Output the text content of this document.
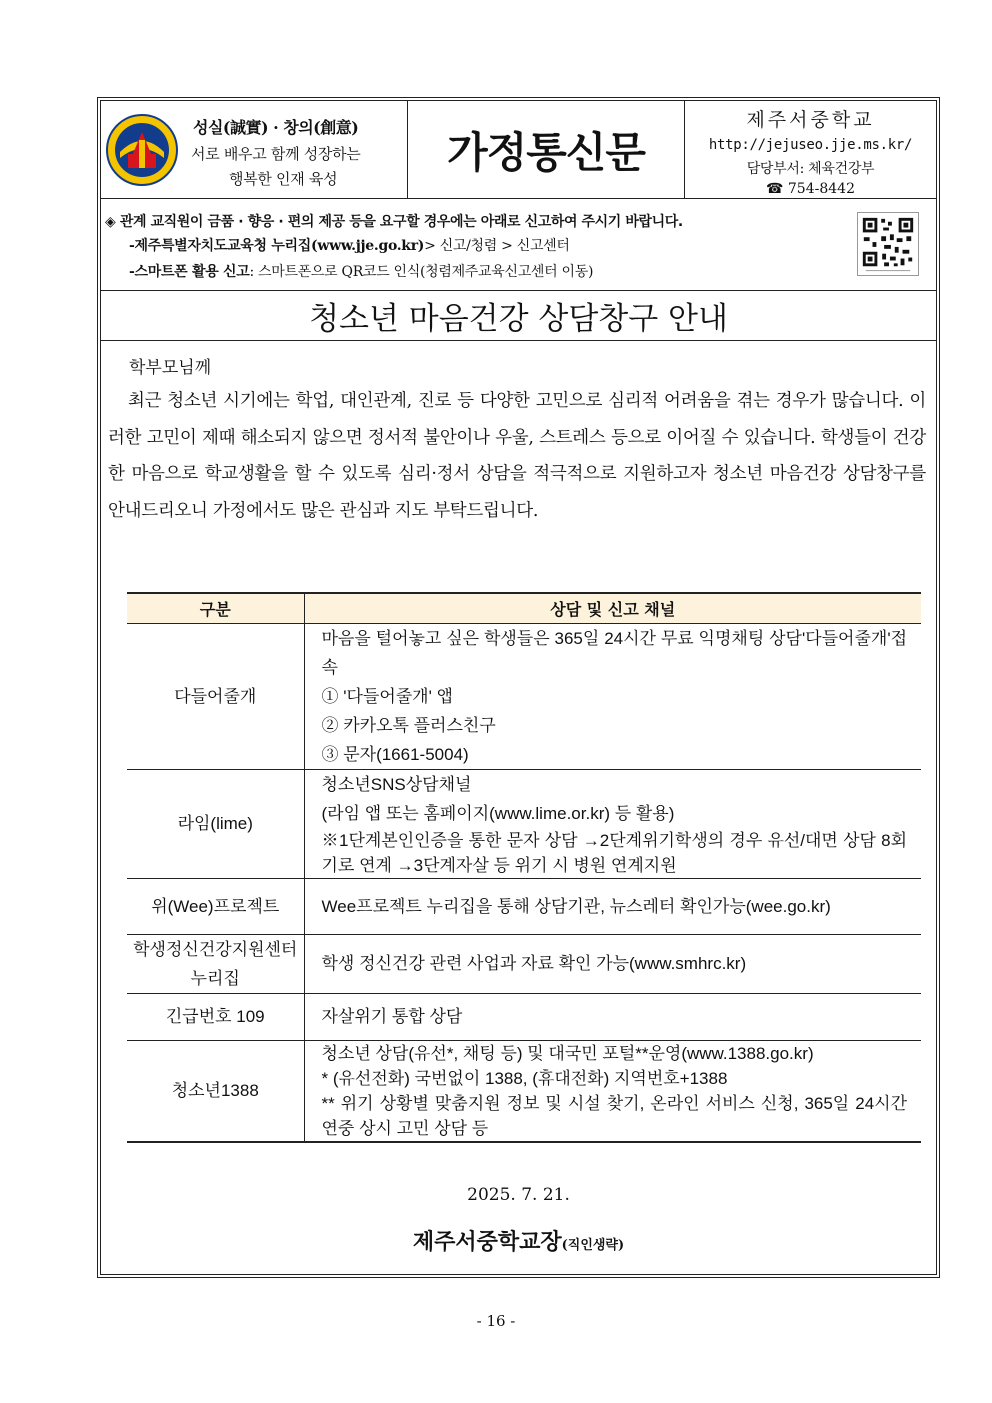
성실(誠實) · 창의(創意)
서로 배우고 함께 성장하는
행복한 인재 육성
가정통신문
제주서중학교
http://jejuseo.jje.ms.kr/
담당부서: 체육건강부
☎ 754-8442
◈ 관계 교직원이 금품 · 향응 · 편의 제공 등을 요구할 경우에는 아래로 신고하여 주시기 바랍니다.
-제주특별자치도교육청 누리집(www.jje.go.kr)> 신고/청렴 > 신고센터
-스마트폰 활용 신고: 스마트폰으로 QR코드 인식(청렴제주교육신고센터 이동)
청소년 마음건강 상담창구 안내
학부모님께
최근 청소년 시기에는 학업, 대인관계, 진로 등 다양한 고민으로 심리적 어려움을 겪는 경우가 많습니다. 이러한 고민이 제때 해소되지 않으면 정서적 불안이나 우울, 스트레스 등으로 이어질 수 있습니다. 학생들이 건강한 마음으로 학교생활을 할 수 있도록 심리·정서 상담을 적극적으로 지원하고자 청소년 마음건강 상담창구를 안내드리오니 가정에서도 많은 관심과 지도 부탁드립니다.
구분	상담 및 신고 채널
다들어줄개	마음을 털어놓고 싶은 학생들은 365일 24시간 무료 익명채팅 상담'다들어줄개'접속
① '다들어줄개' 앱
② 카카오톡 플러스친구
③ 문자(1661-5004)

라임(lime)	청소년SNS상담채널
(라임 앱 또는 홈페이지(www.lime.or.kr) 등 활용)
※1단계본인인증을 통한 문자 상담 →2단계위기학생의 경우 유선/대면 상담 8회기로 연계 →3단계자살 등 위기 시 병원 연계지원

위(Wee)프로젝트	Wee프로젝트 누리집을 통해 상담기관, 뉴스레터 확인가능(wee.go.kr)

학생정신건강지원센터 누리집	학생 정신건강 관련 사업과 자료 확인 가능(www.smhrc.kr)

긴급번호 109	자살위기 통합 상담

청소년1388	청소년 상담(유선*, 채팅 등) 및 대국민 포털**운영(www.1388.go.kr)
* (유선전화) 국번없이 1388, (휴대전화) 지역번호+1388
** 위기 상황별 맞춤지원 정보 및 시설 찾기, 온라인 서비스 신청, 365일 24시간 연중 상시 고민 상담 등
2025. 7. 21.
제주서중학교장(직인생략)
- 16 -
